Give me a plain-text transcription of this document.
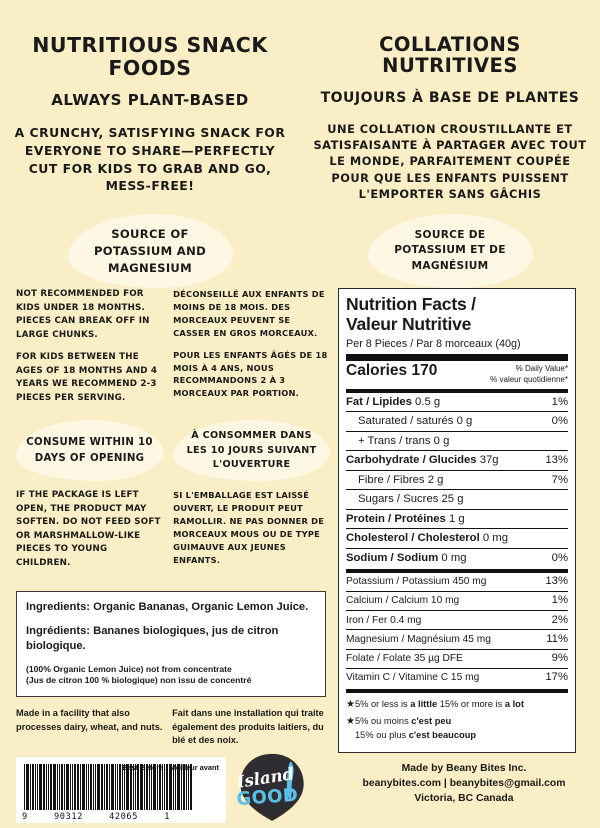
NUTRITIOUS SNACK FOODS
ALWAYS PLANT-BASED
A CRUNCHY, SATISFYING SNACK FOR EVERYONE TO SHARE—PERFECTLY CUT FOR KIDS TO GRAB AND GO, MESS-FREE!
COLLATIONS NUTRITIVES
TOUJOURS À BASE DE PLANTES
UNE COLLATION CROUSTILLANTE ET SATISFAISANTE À PARTAGER AVEC TOUT LE MONDE, PARFAITEMENT COUPÉE POUR QUE LES ENFANTS PUISSENT L'EMPORTER SANS GÂCHIS
SOURCE OF POTASSIUM AND MAGNESIUM
SOURCE DE POTASSIUM ET DE MAGNÉSIUM

NOT RECOMMENDED FOR KIDS UNDER 18 MONTHS. PIECES CAN BREAK OFF IN LARGE CHUNKS.

FOR KIDS BETWEEN THE AGES OF 18 MONTHS AND 4 YEARS WE RECOMMEND 2-3 PIECES PER SERVING.

DÉCONSEILLÉ AUX ENFANTS DE MOINS DE 18 MOIS. DES MORCEAUX PEUVENT SE CASSER EN GROS MORCEAUX.

POUR LES ENFANTS ÂGÉS DE 18 MOIS À 4 ANS, NOUS RECOMMANDONS 2 À 3 MORCEAUX PAR PORTION.

CONSUME WITHIN 10 DAYS OF OPENING
À CONSOMMER DANS LES 10 JOURS SUIVANT L'OUVERTURE

IF THE PACKAGE IS LEFT OPEN, THE PRODUCT MAY SOFTEN. DO NOT FEED SOFT OR MARSHMALLOW-LIKE PIECES TO YOUNG CHILDREN.

SI L'EMBALLAGE EST LAISSÉ OUVERT, LE PRODUIT PEUT RAMOLLIR. NE PAS DONNER DE MORCEAUX MOUS OU DE TYPE GUIMAUVE AUX JEUNES ENFANTS.

Ingredients: Organic Bananas, Organic Lemon Juice.

Ingrédients: Bananes biologiques, jus de citron biologique.

(100% Organic Lemon Juice) not from concentrate

(Jus de citron 100 % biologique) non issu de concentré

Made in a facility that also processes dairy, wheat, and nuts.

Fait dans une installation qui traite également des produits laitiers, du blé et des noix.

Best Before / Meilleur avant
9	90312	42065	1
Island
GOOD
Nutrition Facts /
Valeur Nutritive
Per 8 Pieces / Par 8 morceaux (40g)
Calories 170	% Daily Value*
% valeur quotidienne*
Fat / Lipides 0.5 g	1%
Saturated / saturés 0 g	0%
+ Trans / trans 0 g
Carbohydrate / Glucides 37g	13%
Fibre / Fibres 2 g	7%
Sugars / Sucres 25 g
Protein / Protéines 1 g
Cholesterol / Cholesterol 0 mg
Sodium / Sodium 0 mg	0%
Potassium / Potassium 450 mg	13%
Calcium / Calcium 10 mg	1%
Iron / Fer 0.4 mg	2%
Magnesium / Magnésium 45 mg	11%
Folate / Folate 35 µg DFE	9%
Vitamin C / Vitamine C 15 mg	17%

★5% or less is a little 15% or more is a lot

★5% ou moins c'est peu
15% ou plus c'est beaucoup

Made by Beany Bites Inc.
beanybites.com | beanybites@gmail.com
Victoria, BC Canada
